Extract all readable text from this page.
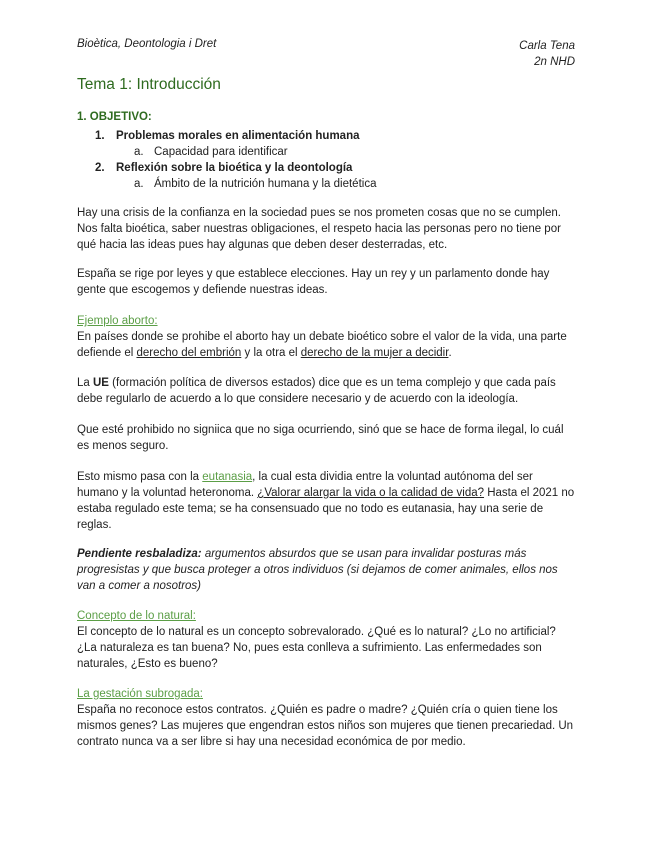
Bioètica, Deontologia i Dret	Carla Tena
2n NHD
Tema 1: Introducción
1. OBJETIVO:
1. Problemas morales en alimentación humana
a. Capacidad para identificar
2. Reflexión sobre la bioética y la deontología
a. Ámbito de la nutrición humana y la dietética

Hay una crisis de la confianza en la sociedad pues se nos prometen cosas que no se cumplen. Nos falta bioética, saber nuestras obligaciones, el respeto hacia las personas pero no tiene por qué hacia las ideas pues hay algunas que deben deser desterradas, etc.

España se rige por leyes y que establece elecciones. Hay un rey y un parlamento donde hay gente que escogemos y defiende nuestras ideas.

Ejemplo aborto:
En países donde se prohibe el aborto hay un debate bioético sobre el valor de la vida, una parte defiende el derecho del embrión y la otra el derecho de la mujer a decidir.

La UE (formación política de diversos estados) dice que es un tema complejo y que cada país debe regularlo de acuerdo a lo que considere necesario y de acuerdo con la ideología.

Que esté prohibido no signiica que no siga ocurriendo, sinó que se hace de forma ilegal, lo cuál es menos seguro.

Esto mismo pasa con la eutanasia, la cual esta dividia entre la voluntad autónoma del ser humano y la voluntad heteronoma. ¿Valorar alargar la vida o la calidad de vida? Hasta el 2021 no estaba regulado este tema; se ha consensuado que no todo es eutanasia, hay una serie de reglas.

Pendiente resbaladiza: argumentos absurdos que se usan para invalidar posturas más progresistas y que busca proteger a otros individuos (si dejamos de comer animales, ellos nos van a comer a nosotros)

Concepto de lo natural:
El concepto de lo natural es un concepto sobrevalorado. ¿Qué es lo natural? ¿Lo no artificial? ¿La naturaleza es tan buena? No, pues esta conlleva a sufrimiento. Las enfermedades son naturales, ¿Esto es bueno?
La gestación subrogada:
España no reconoce estos contratos. ¿Quién es padre o madre? ¿Quién cría o quien tiene los mismos genes? Las mujeres que engendran estos niños son mujeres que tienen precariedad. Un contrato nunca va a ser libre si hay una necesidad económica de por medio.
